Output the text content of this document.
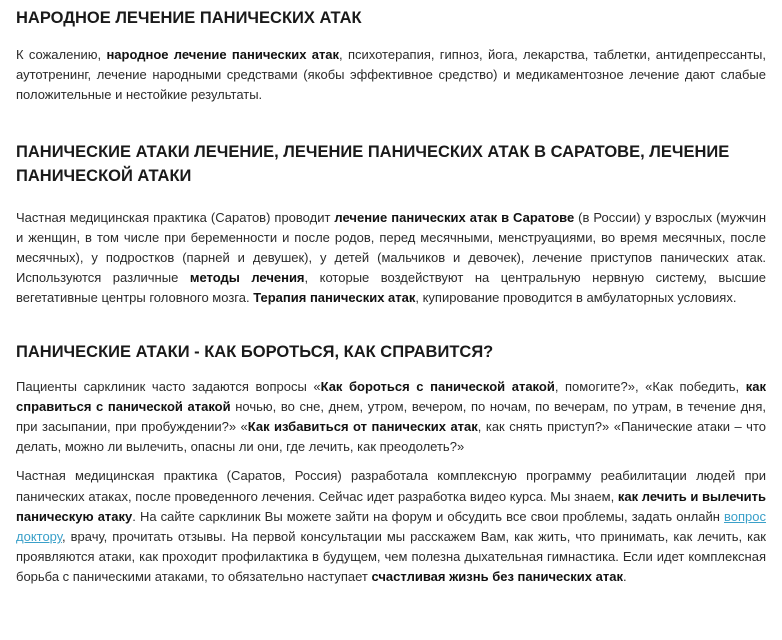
НАРОДНОЕ ЛЕЧЕНИЕ ПАНИЧЕСКИХ АТАК

К сожалению, народное лечение панических атак, психотерапия, гипноз, йога, лекарства, таблетки, антидепрессанты, аутотренинг, лечение народными средствами (якобы эффективное средство) и медикаментозное лечение дают слабые положительные и нестойкие результаты.

ПАНИЧЕСКИЕ АТАКИ ЛЕЧЕНИЕ, ЛЕЧЕНИЕ ПАНИЧЕСКИХ АТАК В САРАТОВЕ, ЛЕЧЕНИЕ ПАНИЧЕСКОЙ АТАКИ

Частная медицинская практика (Саратов) проводит лечение панических атак в Саратове (в России) у взрослых (мужчин и женщин, в том числе при беременности и после родов, перед месячными, менструациями, во время месячных, после месячных), у подростков (парней и девушек), у детей (мальчиков и девочек), лечение приступов панических атак. Используются различные методы лечения, которые воздействуют на центральную нервную систему, высшие вегетативные центры головного мозга. Терапия панических атак, купирование проводится в амбулаторных условиях.

ПАНИЧЕСКИЕ АТАКИ - КАК БОРОТЬСЯ, КАК СПРАВИТСЯ?

Пациенты сарклиник часто задаются вопросы «Как бороться с панической атакой, помогите?», «Как победить, как справиться с панической атакой ночью, во сне, днем, утром, вечером, по ночам, по вечерам, по утрам, в течение дня, при засыпании, при пробуждении?» «Как избавиться от панических атак, как снять приступ?» «Панические атаки – что делать, можно ли вылечить, опасны ли они, где лечить, как преодолеть?»

Частная медицинская практика (Саратов, Россия) разработала комплексную программу реабилитации людей при панических атаках, после проведенного лечения. Сейчас идет разработка видео курса. Мы знаем, как лечить и вылечить паническую атаку. На сайте сарклиник Вы можете зайти на форум и обсудить все свои проблемы, задать онлайн вопрос доктору, врачу, прочитать отзывы. На первой консультации мы расскажем Вам, как жить, что принимать, как лечить, как проявляются атаки, как проходит профилактика в будущем, чем полезна дыхательная гимнастика. Если идет комплексная борьба с паническими атаками, то обязательно наступает счастливая жизнь без панических атак.
